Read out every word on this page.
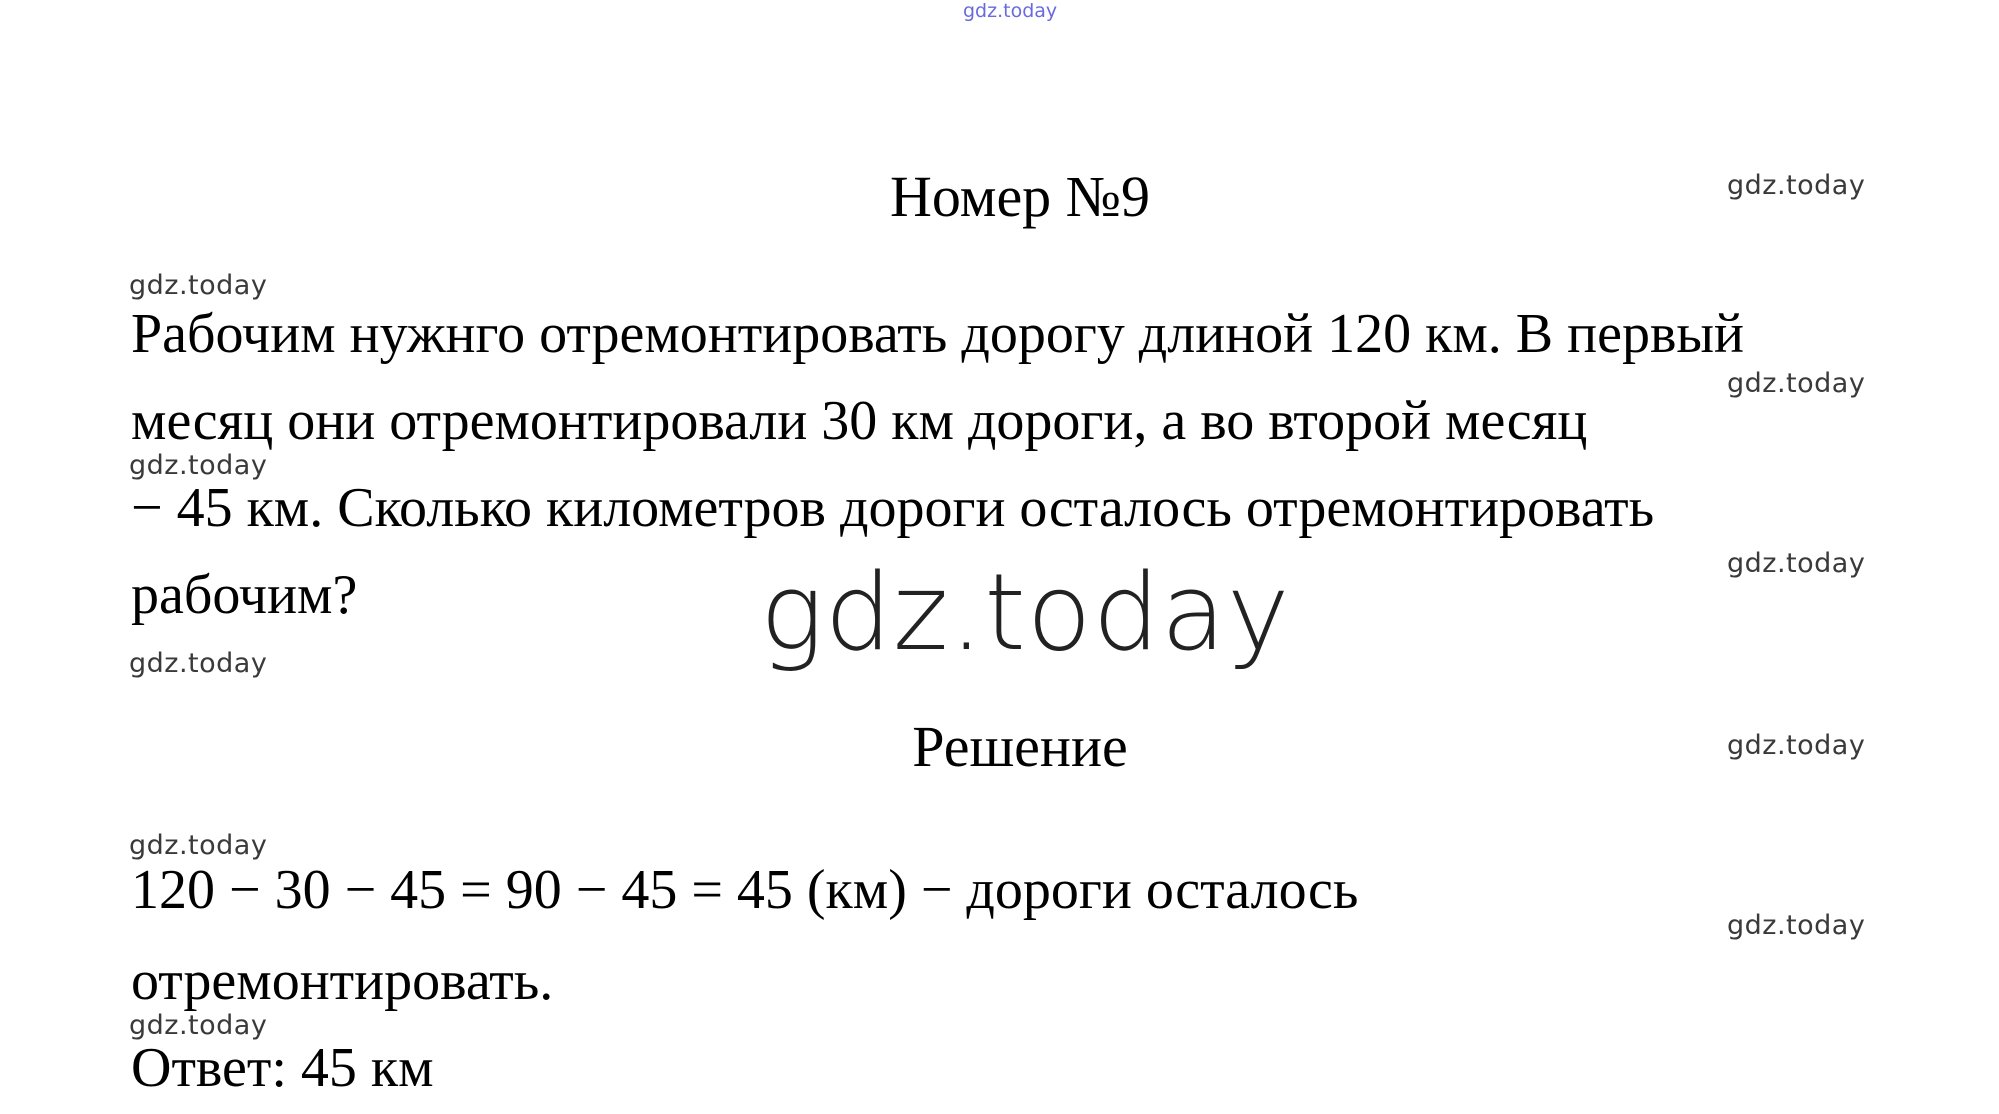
gdz.today
gdz.today
gdz.today
gdz.today
gdz.today
gdz.today
gdz.today
gdz.today
gdz.today
gdz.today
gdz.today
gdz.today
Номер №9
Рабочим нужнго отремонтировать дорогу длиной 120 км. В первый
месяц они отремонтировали 30 км дороги, а во второй месяц
− 45 км. Сколько километров дороги осталось отремонтировать
рабочим?
Решение
120 − 30 − 45 = 90 − 45 = 45 (км) − дороги осталось
отремонтировать.
Ответ: 45 км
